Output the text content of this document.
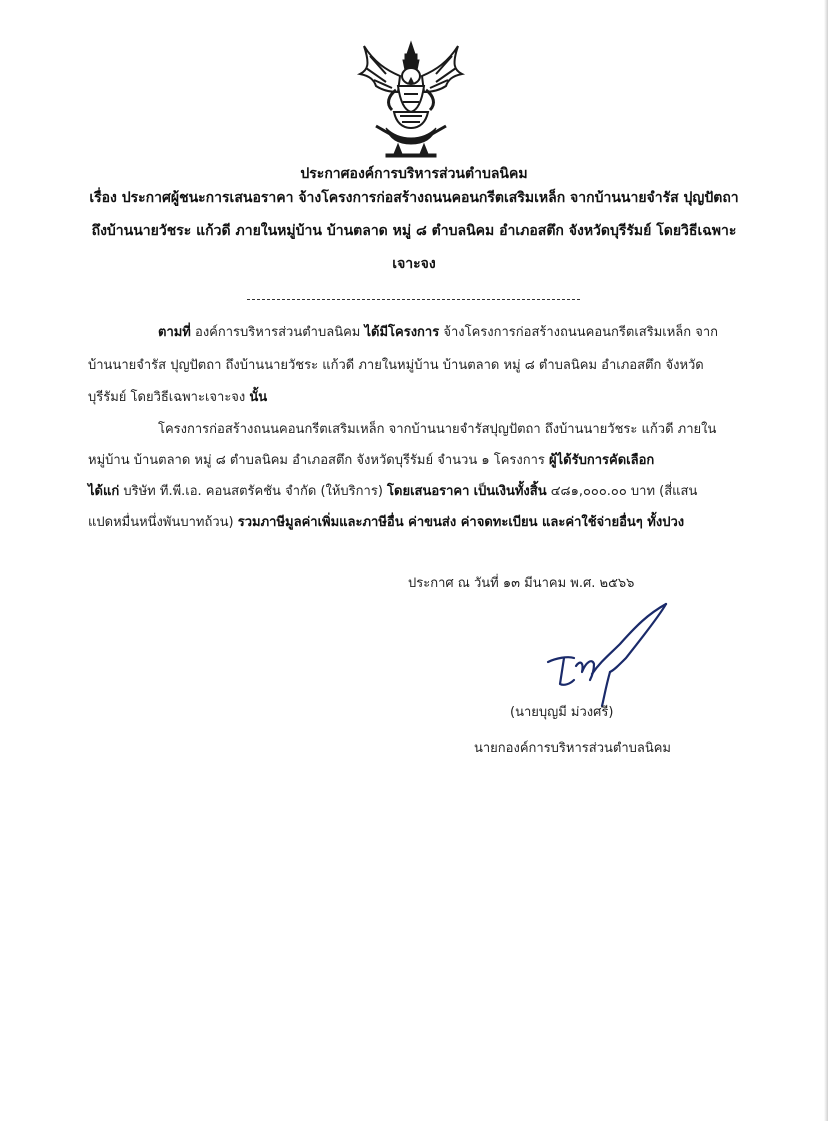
ประกาศองค์การบริหารส่วนตำบลนิคม
เรื่อง ประกาศผู้ชนะการเสนอราคา จ้างโครงการก่อสร้างถนนคอนกรีตเสริมเหล็ก จากบ้านนายจำรัส ปุญปัตถา
ถึงบ้านนายวัชระ แก้วดี ภายในหมู่บ้าน บ้านตลาด หมู่ ๘ ตำบลนิคม อำเภอสตึก จังหวัดบุรีรัมย์ โดยวิธีเฉพาะ
เจาะจง
ตามที่ องค์การบริหารส่วนตำบลนิคม ได้มีโครงการ จ้างโครงการก่อสร้างถนนคอนกรีตเสริมเหล็ก จาก
บ้านนายจำรัส ปุญปัตถา ถึงบ้านนายวัชระ แก้วดี ภายในหมู่บ้าน บ้านตลาด หมู่ ๘ ตำบลนิคม อำเภอสตึก จังหวัด
บุรีรัมย์ โดยวิธีเฉพาะเจาะจง นั้น
โครงการก่อสร้างถนนคอนกรีตเสริมเหล็ก จากบ้านนายจำรัสปุญปัตถา ถึงบ้านนายวัชระ แก้วดี ภายใน
หมู่บ้าน บ้านตลาด หมู่ ๘ ตำบลนิคม อำเภอสตึก จังหวัดบุรีรัมย์ จำนวน ๑ โครงการ ผู้ได้รับการคัดเลือก
ได้แก่ บริษัท ที.พี.เอ. คอนสตรัคชัน จำกัด (ให้บริการ) โดยเสนอราคา เป็นเงินทั้งสิ้น ๔๘๑,๐๐๐.๐๐ บาท (สี่แสน
แปดหมื่นหนึ่งพันบาทถ้วน) รวมภาษีมูลค่าเพิ่มและภาษีอื่น ค่าขนส่ง ค่าจดทะเบียน และค่าใช้จ่ายอื่นๆ ทั้งปวง
ประกาศ ณ วันที่ ๑๓ มีนาคม พ.ศ. ๒๕๖๖
(นายบุญมี ม่วงศรี)
นายกองค์การบริหารส่วนตำบลนิคม
